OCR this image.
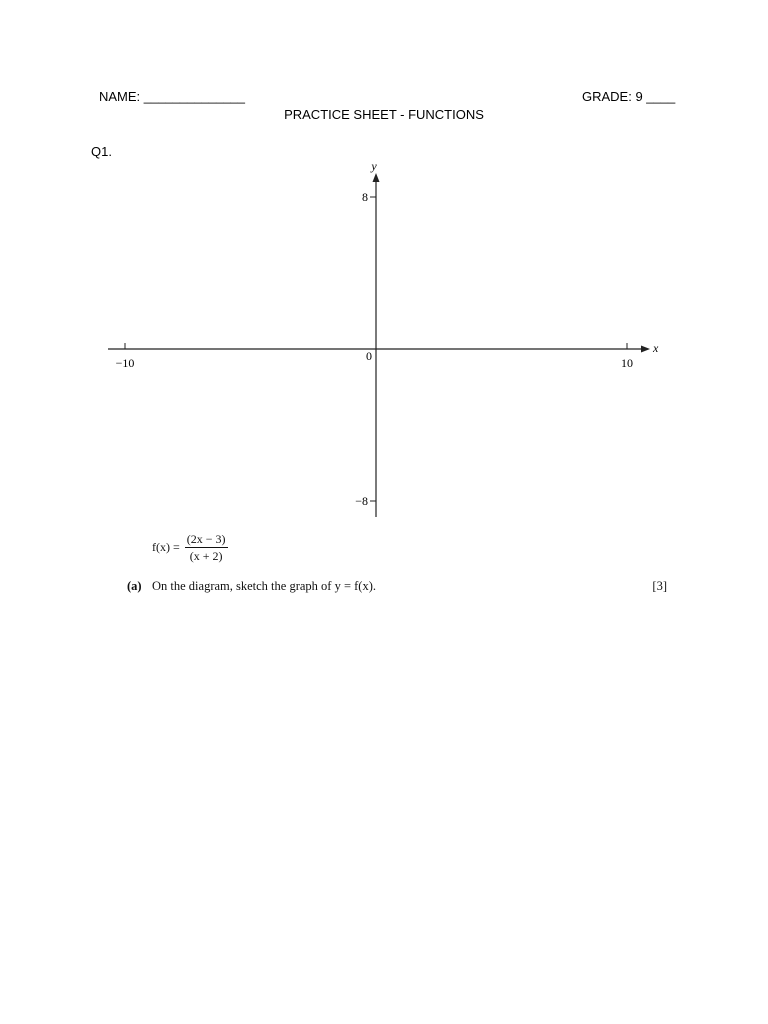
NAME: ______________	GRADE: 9 ____
PRACTICE SHEET - FUNCTIONS
Q1.
y
x
0
−10	10
8
−8
$f(x) = \frac{(2x - 3)}{(x + 2)}$
(a) On the diagram, sketch the graph of y = f(x).	[3]
